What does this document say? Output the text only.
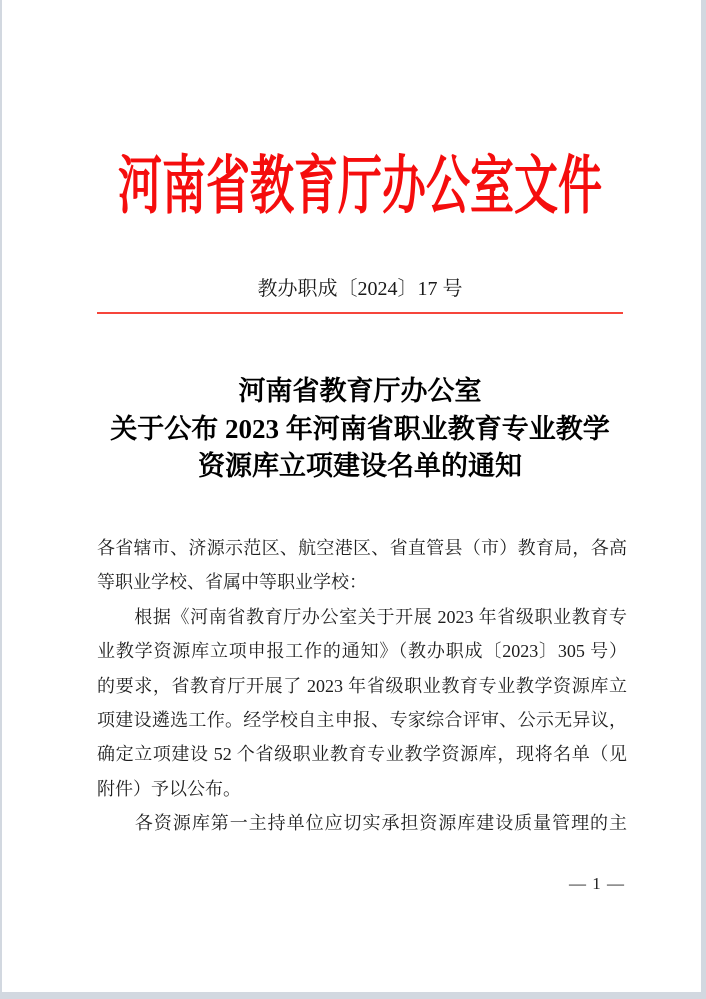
河南省教育厅办公室文件
教办职成〔2024〕17 号
河南省教育厅办公室
关于公布 2023 年河南省职业教育专业教学
资源库立项建设名单的通知
各省辖市、济源示范区、航空港区、省直管县（市）教育局，各高
等职业学校、省属中等职业学校：
　　根据《河南省教育厅办公室关于开展 2023 年省级职业教育专
业教学资源库立项申报工作的通知》（教办职成〔2023〕305 号）
的要求，省教育厅开展了 2023 年省级职业教育专业教学资源库立
项建设遴选工作。经学校自主申报、专家综合评审、公示无异议，
确定立项建设 52 个省级职业教育专业教学资源库，现将名单（见
附件）予以公布。
　　各资源库第一主持单位应切实承担资源库建设质量管理的主
— 1 —
